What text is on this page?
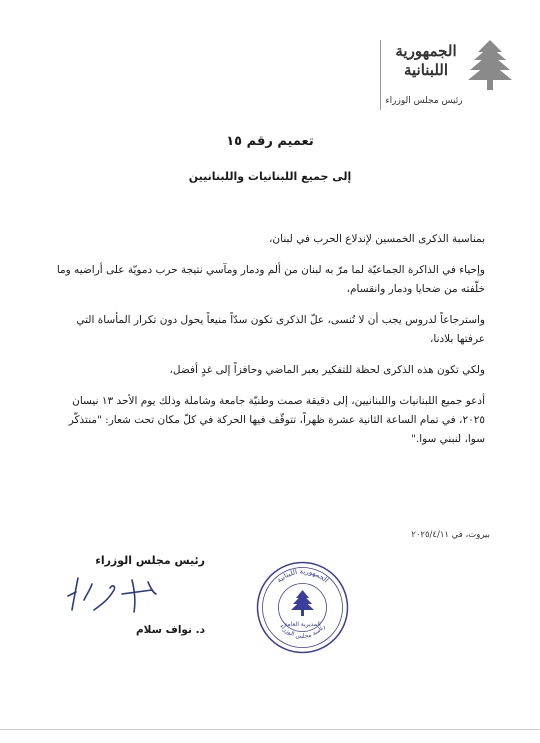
الجمهورية اللبنانية
رئيس مجلس الوزراء
تعميم رقم ١٥
إلى جميع اللبنانيات واللبنانيين

بمناسبة الذكرى الخمسين لإندلاع الحرب في لبنان،

وإحياء في الذاكرة الجماعيّة لما مرّ به لبنان من ألم ودمار ومآسي نتيجة حرب دمويّة على أراضيه وما خلّفته من ضحايا ودمار وانقسام،

واسترجاعاً لدروس يجب أن لا تُنسى، علّ الذكرى تكون سدّاً منيعاً يحول دون تكرار المأساة التي عرفتها بلادنا،

ولكي تكون هذه الذكرى لحظة للتفكير بعبر الماضي وحافزاً إلى غدٍ أفضل،

أدعو جميع اللبنانيات واللبنانيين، إلى دقيقة صمت وطنيّة جامعة وشاملة وذلك يوم الأحد ١٣ نيسان ٢٠٢٥، في تمام الساعة الثانية عشرة ظهراً، تتوقّف فيها الحركة في كلّ مكان تحت شعار: "منتذكّر سوا، لنبني سوا."

بيروت، في ٢٠٢٥/٤/١١
رئيس مجلس الوزراء
د. نواف سلام
الجمهورية اللبنانية
رئاسة مجلس الوزراء
المديرية العامة
